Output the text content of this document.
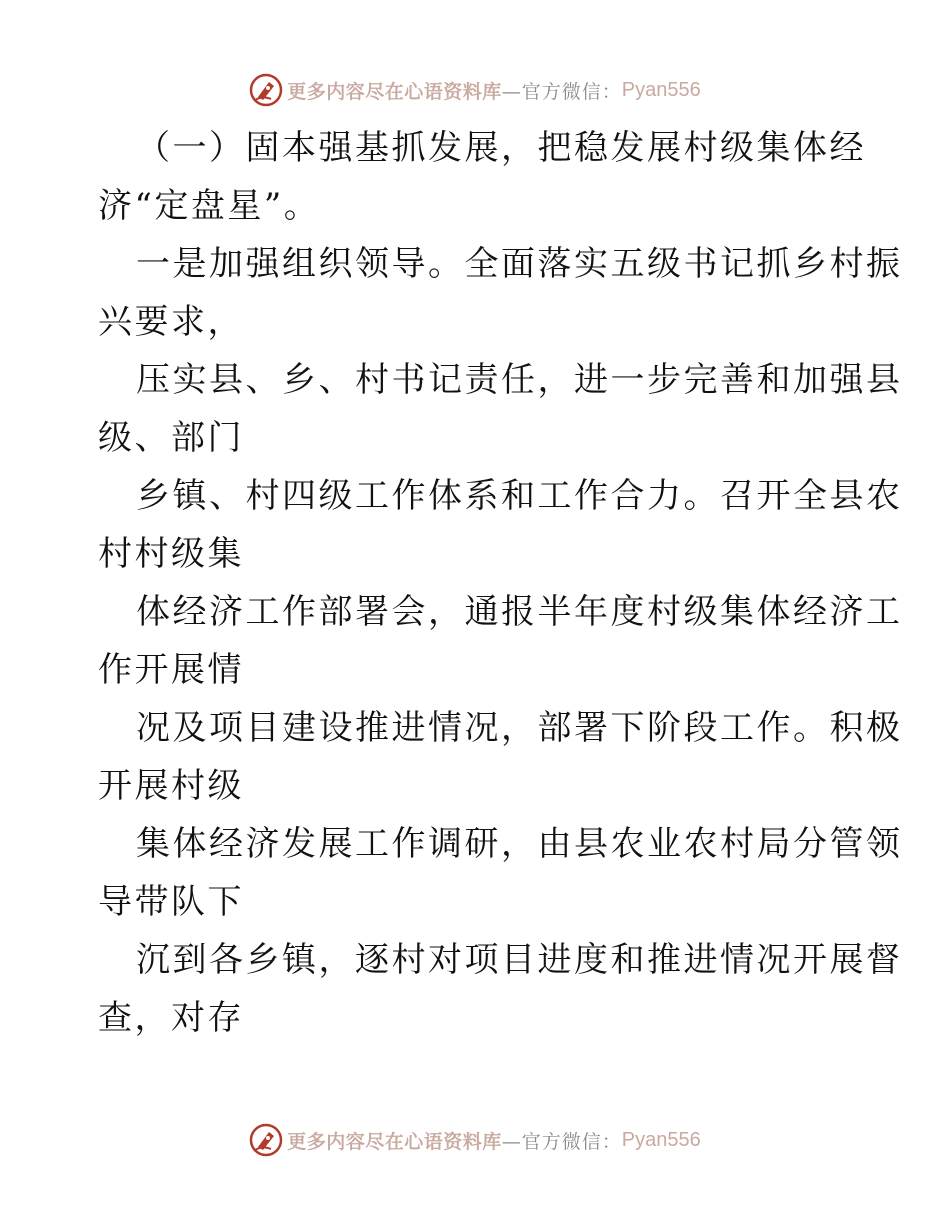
更多内容尽在心语资料库 —官方微信： Pyan556
（一）固本强基抓发展，把稳发展村级集体经
济“定盘星”。
一是加强组织领导。全面落实五级书记抓乡村振
兴要求，
压实县、乡、村书记责任，进一步完善和加强县
级、部门
乡镇、村四级工作体系和工作合力。召开全县农
村村级集
体经济工作部署会，通报半年度村级集体经济工
作开展情
况及项目建设推进情况，部署下阶段工作。积极
开展村级
集体经济发展工作调研，由县农业农村局分管领
导带队下
沉到各乡镇，逐村对项目进度和推进情况开展督
查，对存
更多内容尽在心语资料库 —官方微信： Pyan556
